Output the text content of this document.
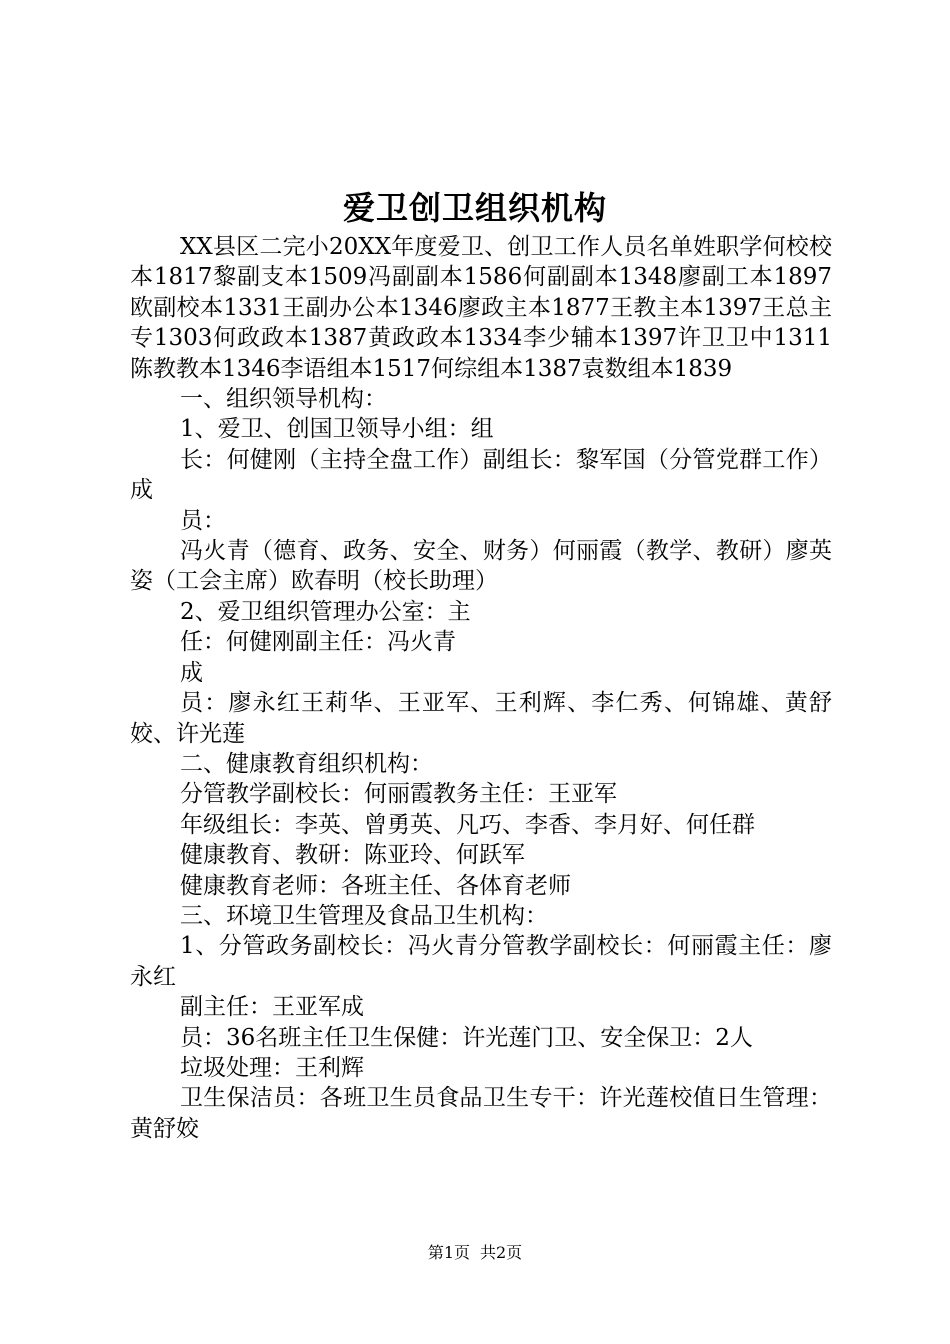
爱卫创卫组织机构

XX县区二完小20XX年度爱卫、创卫工作人员名单姓职学何校校本1817黎副支本1509冯副副本1586何副副本1348廖副工本1897欧副校本1331王副办公本1346廖政主本1877王教主本1397王总主专1303何政政本1387黄政政本1334李少辅本1397许卫卫中1311陈教教本1346李语组本1517何综组本1387袁数组本1839

一、组织领导机构：

1、爱卫、创国卫领导小组：组

长：何健刚（主持全盘工作）副组长：黎军国（分管党群工作）成

员：

冯火青（德育、政务、安全、财务）何丽霞（教学、教研）廖英姿（工会主席）欧春明（校长助理）

2、爱卫组织管理办公室：主

任：何健刚副主任：冯火青

成

员：廖永红王莉华、王亚军、王利辉、李仁秀、何锦雄、黄舒姣、许光莲

二、健康教育组织机构：

分管教学副校长：何丽霞教务主任：王亚军

年级组长：李英、曾勇英、凡巧、李香、李月好、何任群

健康教育、教研：陈亚玲、何跃军

健康教育老师：各班主任、各体育老师

三、环境卫生管理及食品卫生机构：

1、分管政务副校长：冯火青分管教学副校长：何丽霞主任：廖永红

副主任：王亚军成

员：36名班主任卫生保健：许光莲门卫、安全保卫：2人

垃圾处理：王利辉

卫生保洁员：各班卫生员食品卫生专干：许光莲校值日生管理：黄舒姣

第1页 共2页
